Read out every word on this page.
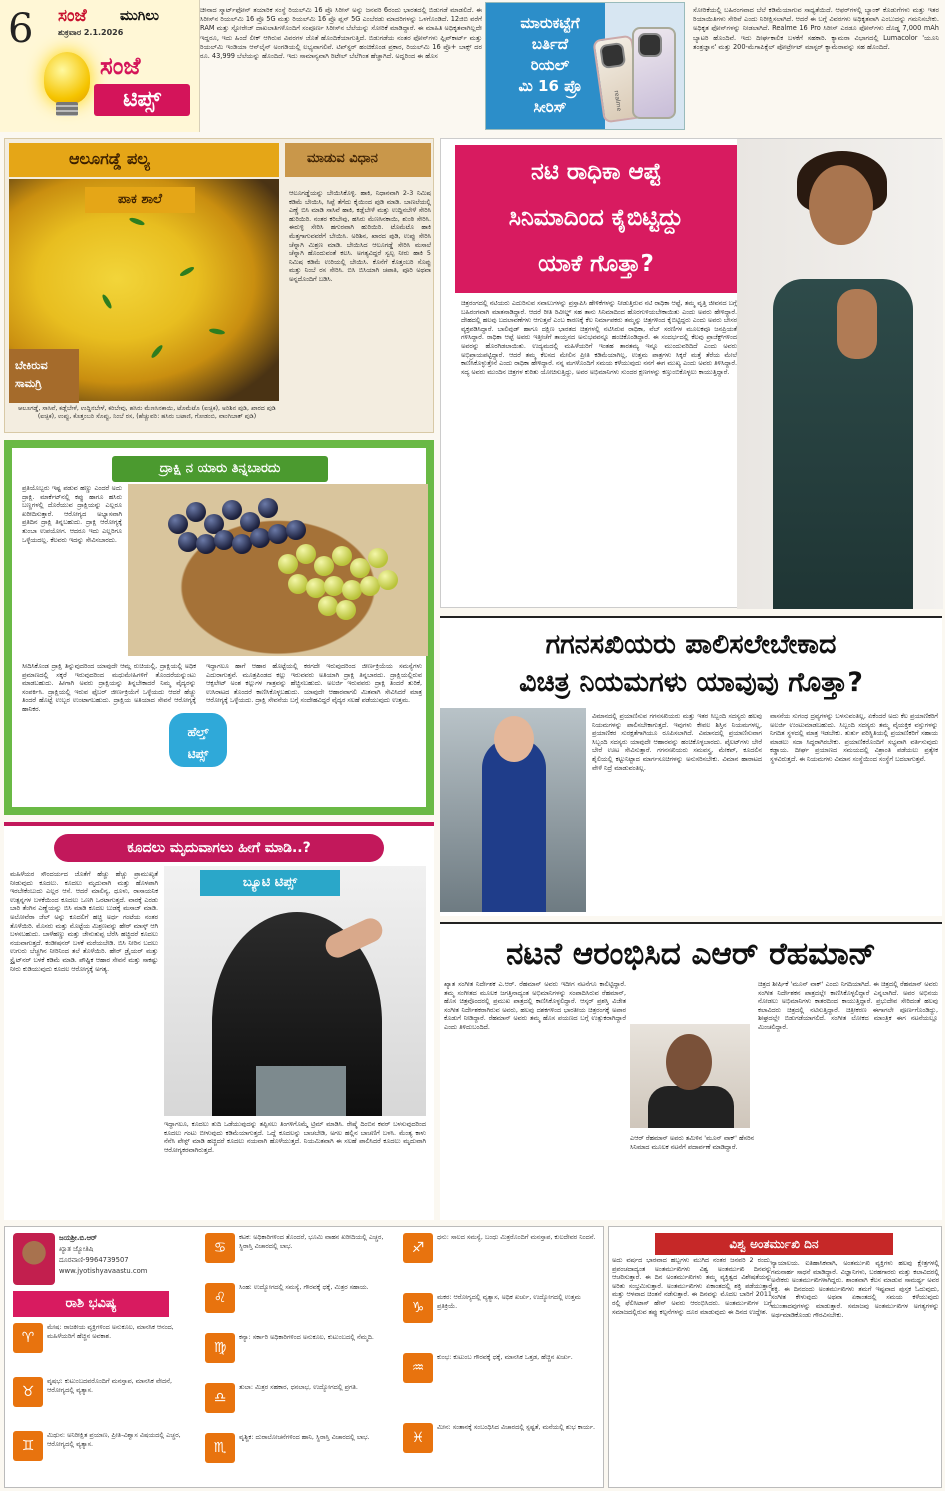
6 ಸಂಜೆ ಮುಗಿಲು
ಶುಕ್ರವಾರ 2.1.2026
ಸಂಜೆ
ಟಿಪ್ಸ್
ಚೀನಾದ ಸ್ಮಾರ್ಟ್‌ಫೋನ್ ತಯಾರಿಕ ಸಂಸ್ಥೆ ರಿಯಲ್‌ಮಿ 16 ಪ್ರೊ ಸಿರೀಸ್ ಅನ್ನು ಜನವರಿ 6ರಂದು ಭಾರತದಲ್ಲಿ ಬಿಡುಗಡೆ ಮಾಡಲಿದೆ. ಈ ಸಿರೀಸ್‌ನ ರಿಯಲ್‌ಮಿ 16 ಪ್ರೊ 5G ಮತ್ತು ರಿಯಲ್‌ಮಿ 16 ಪ್ರೊ ಪ್ಲಸ್ 5G ಎಂಬೆರಡು ಮಾದರಿಗಳನ್ನು ಒಳಗೊಂಡಿದೆ. 12ಜಿಬಿ ವರೆಗೆ RAM ಮತ್ತು ಸ್ಟೋರೇಜ್ ದಾಖಲಾತಿಗಳೊಂದಿಗೆ ಸಂಪೂರ್ಣ ಸಿರೀಸ್‌ನ ಬೆಲೆಯನ್ನು ಸೋರಿಕೆ ಮಾಡಿದ್ದಾರೆ. ಈ ಮಾಹಿತಿ ಅಧಿಕೃತವಾಗಿಲ್ಲದೇ ಇದ್ದರೂ, ಇದು ಹಿಂದೆ ಲೀಕ್ ಆಗಿರುವ ವಿವರಗಳ ಜೊತೆ ಹೊಂದಿಕೆಯಾಗುತ್ತಿದೆ. ಬಿಡುಗಡೆಯ ನಂತರ ಫೋನ್‌ಗಳು ಫ್ಲಿಪ್‌ಕಾರ್ಟ್ ಮತ್ತು ರಿಯಲ್‌ಮಿ ಇಂಡಿಯಾ ಆನ್‌ಲೈನ್ ಅಂಗಡಿಯಲ್ಲಿ ಲಭ್ಯವಾಗಲಿವೆ. ಟಿಪ್‌ಸ್ಟರ್ ಹಂಚಿಕೊಂಡ ಪ್ರಕಾರ, ರಿಯಲ್‌ಮಿ 16 ಪ್ರೊ+ ಬಾಕ್ಸ್ ದರ ರೂ. 43,999 ಬೆಲೆಯನ್ನು ಹೊಂದಿದೆ. ಇದು ಸಾಮಾನ್ಯವಾಗಿ ರಿಟೇಲ್ ಬೆಲೆಗಿಂತ ಹೆಚ್ಚಾಗಿದೆ. ಅದ್ದರಿಂದ ಈ ಹೊಸ
ಮಾರುಕಟ್ಟೆಗೆ
ಬರ್ತಿದೆ
ರಿಯಲ್
ಮಿ 16 ಪ್ರೊ
ಸೀರಿಸ್	realme
ಸೋರಿಕೆಯಲ್ಲಿ ಬಹಿರಂಗವಾದ ಬೆಲೆ ಕಡಿಮೆಯಾಗುವ ಸಾಧ್ಯತೆಯಿದೆ. ಆಫರ್‌ಗಳಲ್ಲಿ ಬ್ಯಾಂಕ್ ಕೊಡುಗೆಗಳು ಮತ್ತು ಇತರ ರಿಯಾಯಿತಿಗಳು ಸೇರಿವೆ ಎಂದು ನಿರೀಕ್ಷಿಸಲಾಗಿದೆ. ಆದರೆ ಈ ಬಗ್ಗೆ ವಿವರಗಳು ಅಧಿಕೃತವಾಗಿ ಎಂಬುದನ್ನು ಗಮನಿಸಬೇಕು. ಅಧಿಕೃತ ಫೋನ್‌ಗಳನ್ನು ನೀಡಲಾಗಿದೆ. Realme 16 Pro ಸಿರೀಸ್ ಎರಡೂ ಫೋನ್‌ಗಳು ದೊಡ್ಡ 7,000 mAh ಬ್ಯಾಟರಿ ಹೊಂದಿವೆ. ಇದು ದೀರ್ಘಕಾಲಿಕ ಬಳಕೆಗೆ ಸಹಕಾರಿ. ಕ್ಯಾಮರಾ ವಿಭಾಗದಲ್ಲಿ Lumacolor 'ಯೂನಿ ತಂತ್ರಜ್ಞಾನ' ಮತ್ತು 200-ಮೆಗಾಪಿಕ್ಸೆಲ್ ಪೋರ್ಟ್ರೇಟ್ ಮಾಸ್ಟರ್ ಕ್ಯಾಮೆರಾವನ್ನು ಸಹ ಹೊಂದಿದೆ.
ಆಲೂಗಡ್ಡೆ ಪಲ್ಯ	ಮಾಡುವ ವಿಧಾನ
ಪಾಕ ಶಾಲೆ
ಬೇಕಿರುವ ಸಾಮಗ್ರಿ
ಆಲೂಗಡ್ಡೆಯನ್ನು ಬೇಯಿಸಿಕೊಳ್ಳಿ. ಹಾಕಿ, ನಿಧಾನವಾಗಿ 2-3 ನಿಮಿಷ ಕಡಿಮೆ ಬೇಯಿಸಿ, ಸಿಪ್ಪೆ ತೆಗೆದು ಕೈಯಿಂದ ಪುಡಿ ಮಾಡಿ. ಬಾಣಲೆಯಲ್ಲಿ ಎಣ್ಣೆ ಬಿಸಿ ಮಾಡಿ ಸಾಸಿವೆ ಹಾಕಿ, ಕಡ್ಲೆಬೇಳೆ ಮತ್ತು ಉದ್ದಿನಬೇಳೆ ಸೇರಿಸಿ ಹುರಿಯಿರಿ. ನಂತರ ಕರಿಬೇವು, ಹಸಿರು ಮೆಣಸಿನಕಾಯಿ, ಶುಂಠಿ ಸೇರಿಸಿ. ಈರುಳ್ಳಿ ಸೇರಿಸಿ ಹಗುರವಾಗಿ ಹುರಿಯಿರಿ. ಟೊಮೆಟೊ ಹಾಕಿ ಮೆತ್ತಗಾಗುವವರೆಗೆ ಬೇಯಿಸಿ. ಅರಿಶಿನ, ಖಾರದ ಪುಡಿ, ಉಪ್ಪು ಸೇರಿಸಿ ಚೆನ್ನಾಗಿ ಮಿಶ್ರಣ ಮಾಡಿ. ಬೇಯಿಸಿದ ಆಲೂಗಡ್ಡೆ ಸೇರಿಸಿ ಮಸಾಲೆ ಚೆನ್ನಾಗಿ ಹೊಂದುವಂತೆ ಕಲಸಿ. ಅಗತ್ಯವಿದ್ದರೆ ಸ್ವಲ್ಪ ನೀರು ಹಾಕಿ 5 ನಿಮಿಷ ಕಡಿಮೆ ಉರಿಯಲ್ಲಿ ಬೇಯಿಸಿ. ಕೊನೆಗೆ ಕೊತ್ತಂಬರಿ ಸೊಪ್ಪು ಮತ್ತು ನಿಂಬೆ ರಸ ಸೇರಿಸಿ. ಬಿಸಿ ಬಿಸಿಯಾಗಿ ಚಪಾತಿ, ಪೂರಿ ಅಥವಾ ಅನ್ನದೊಂದಿಗೆ ಬಡಿಸಿ.
ಆಲೂಗಡ್ಡೆ, ಸಾಸಿವೆ, ಕಡ್ಲೆಬೇಳೆ, ಉದ್ದಿನಬೇಳೆ, ಕರಿಬೇವು, ಹಸಿರು ಮೆಣಸಿನಕಾಯಿ, ಟೊಮೆಟೊ (ಐಚ್ಛಿಕ), ಅರಿಶಿನ ಪುಡಿ, ಖಾರದ ಪುಡಿ (ಐಚ್ಛಿಕ), ಉಪ್ಪು, ಕೊತ್ತಂಬರಿ ಸೊಪ್ಪು, ನಿಂಬೆ ರಸ, (ಹೆಚ್ಚುವರಿ: ಹಸಿರು ಬಟಾಣಿ, ಗೋಡಂಬಿ, ವಾಂಗಿಬಾತ್ ಪುಡಿ)
ದ್ರಾಕ್ಷಿ ನ ಯಾರು ತಿನ್ನಬಾರದು
ಪ್ರತಿಯೊಬ್ಬರು ಇಷ್ಟ ಪಡುವ ಹಣ್ಣು ಎಂದರೆ ಅದು ದ್ರಾಕ್ಷಿ. ಮಾರ್ಕೆಟ್‌ನಲ್ಲಿ ಕಪ್ಪು ಹಾಗೂ ಹಸಿರು ಬಣ್ಣಗಳಲ್ಲಿ ದೊರೆಯುವ ದ್ರಾಕ್ಷಿಯನ್ನು ಎಲ್ಲರೂ ಖರೀದಿಸುತ್ತಾರೆ. ಆರೋಗ್ಯದ ಅಭ್ಯಾಸವಾಗಿ ಪ್ರತಿದಿನ ದ್ರಾಕ್ಷಿ ತಿನ್ನಬಹುದು. ದ್ರಾಕ್ಷಿ ಆರೋಗ್ಯಕ್ಕೆ ತುಂಬಾ ಉಪಯೋಗ. ಆದರೂ ಇದು ಎಲ್ಲರಿಗೂ ಒಳ್ಳೆಯದಲ್ಲ. ಕೆಲವರು ಇದನ್ನು ಸೇವಿಸಬಾರದು.
ಸೀದಿಸಿಕೊಂಡ ದ್ರಾಕ್ಷಿ ತಿನ್ನುವುದರಿಂದ ಯಾವುದೇ ಆಮ್ಲ ರುಚಿಯಲ್ಲಿ, ದ್ರಾಕ್ಷಿಯಲ್ಲಿ ಅಧಿಕ ಪ್ರಮಾಣದಲ್ಲಿ ಸಕ್ಕರೆ ಇರುವುದರಿಂದ ಮಧುಮೇಹಿಗಳಿಗೆ ತೊಂದರೆಯನ್ನುಂಟು ಮಾಡಬಹುದು. ಹೀಗಾಗಿ ಅವರು ದ್ರಾಕ್ಷಿಯನ್ನು ತಿನ್ನಬೇಕಾದರೆ ನಿಮ್ಮ ವೈದ್ಯರನ್ನು ಸಂಪರ್ಕಿಸಿ. ದ್ರಾಕ್ಷಿಯಲ್ಲಿ ಇರುವ ಫೈಬರ್ ಜೀರ್ಣಕ್ರಿಯೆಗೆ ಒಳ್ಳೆಯದು ಆದರೆ ಹೆಚ್ಚು ತಿಂದರೆ ಹೊಟ್ಟೆ ಉಬ್ಬರ ಉಂಟಾಗಬಹುದು. ದ್ರಾಕ್ಷಿಯ ಅತಿಯಾದ ಸೇವನೆ ಆರೋಗ್ಯಕ್ಕೆ ಹಾನಿಕರ.
ಇದ್ದಾಗಲೂ ಹಾಗೆ ಆಹಾರ ಹೊಟ್ಟೆಯಲ್ಲಿ ಕರಗದೇ ಇರುವುದರಿಂದ ಜೀರ್ಣಕ್ರಿಯೆಯ ಸಮಸ್ಯೆಗಳು ಎದುರಾಗುತ್ತವೆ. ಮೂತ್ರಪಿಂಡದ ಕಲ್ಲು ಇರುವವರು ಅತಿಯಾಗಿ ದ್ರಾಕ್ಷಿ ತಿನ್ನಬಾರದು. ದ್ರಾಕ್ಷಿಯಲ್ಲಿರುವ ಆಕ್ಸಲೇಟ್ ಅಂಶ ಕಲ್ಲುಗಳ ಗಾತ್ರವನ್ನು ಹೆಚ್ಚಿಸಬಹುದು. ಅಲರ್ಜಿ ಇರುವವರು ದ್ರಾಕ್ಷಿ ತಿಂದರೆ ತುರಿಕೆ, ಉಸಿರಾಟದ ತೊಂದರೆ ಕಾಣಿಸಿಕೊಳ್ಳಬಹುದು. ಯಾವುದೇ ಆಹಾರವಾಗಲಿ ಮಿತವಾಗಿ ಸೇವಿಸಿದರೆ ಮಾತ್ರ ಆರೋಗ್ಯಕ್ಕೆ ಒಳ್ಳೆಯದು. ದ್ರಾಕ್ಷಿ ಸೇವನೆಯ ಬಗ್ಗೆ ಸಂದೇಹವಿದ್ದರೆ ವೈದ್ಯರ ಸಲಹೆ ಪಡೆಯುವುದು ಉತ್ತಮ.
ಹೆಲ್ತ್
ಟಿಪ್ಸ್
ಕೂದಲು ಮೃದುವಾಗಲು ಹೀಗೆ ಮಾಡಿ..?
ಬ್ಯೂಟಿ ಟಿಪ್ಸ್
ಮಹಿಳೆಯರ ಸೌಂದರ್ಯದ ಜೊತೆಗೆ ಹೆಚ್ಚು ಹೆಚ್ಚು ಪ್ರಾಮುಖ್ಯತೆ ನೀಡುವುದು ಕೂದಲು. ಕೂದಲು ಮೃದುವಾಗಿ ಮತ್ತು ಹೊಳಪಾಗಿ ಇರಬೇಕೆಂಬುದು ಎಲ್ಲರ ಆಸೆ. ಆದರೆ ಮಾಲಿನ್ಯ, ಧೂಳು, ರಾಸಾಯನಿಕ ಉತ್ಪನ್ನಗಳ ಬಳಕೆಯಿಂದ ಕೂದಲು ಒಣಗಿ ಒರಟಾಗುತ್ತದೆ. ವಾರಕ್ಕೆ ಎರಡು ಬಾರಿ ತೆಂಗಿನ ಎಣ್ಣೆಯನ್ನು ಬಿಸಿ ಮಾಡಿ ಕೂದಲ ಬುಡಕ್ಕೆ ಮಸಾಜ್ ಮಾಡಿ. ಅಲೋವೆರಾ ಜೆಲ್ ಅನ್ನು ಕೂದಲಿಗೆ ಹಚ್ಚಿ ಅರ್ಧ ಗಂಟೆಯ ನಂತರ ತೊಳೆಯಿರಿ. ಮೊಸರು ಮತ್ತು ಮೊಟ್ಟೆಯ ಮಿಶ್ರಣವನ್ನು ಹೇರ್ ಮಾಸ್ಕ್ ಆಗಿ ಬಳಸಬಹುದು. ಬಾಳೆಹಣ್ಣು ಮತ್ತು ಜೇನುತುಪ್ಪ ಬೆರೆಸಿ ಹಚ್ಚಿದರೆ ಕೂದಲು ನಯವಾಗುತ್ತದೆ. ಕಂಡೀಷನರ್ ಬಳಕೆ ಮರೆಯಬೇಡಿ. ಬಿಸಿ ನೀರಿನ ಬದಲು ಉಗುರು ಬೆಚ್ಚಗಿನ ನೀರಿನಿಂದ ತಲೆ ತೊಳೆಯಿರಿ. ಹೇರ್ ಡ್ರೈಯರ್ ಮತ್ತು ಸ್ಟ್ರೈಟ್‌ನರ್ ಬಳಕೆ ಕಡಿಮೆ ಮಾಡಿ. ಪೌಷ್ಟಿಕ ಆಹಾರ ಸೇವನೆ ಮತ್ತು ಸಾಕಷ್ಟು ನೀರು ಕುಡಿಯುವುದು ಕೂದಲ ಆರೋಗ್ಯಕ್ಕೆ ಅಗತ್ಯ.
ಇದ್ದಾಗಲೂ, ಕೂದಲು ತುದಿ ಒಡೆಯುವುದನ್ನು ತಪ್ಪಿಸಲು ತಿಂಗಳಿಗೊಮ್ಮೆ ಟ್ರಿಮ್ ಮಾಡಿಸಿ. ರೇಷ್ಮೆ ದಿಂಬಿನ ಕವರ್ ಬಳಸುವುದರಿಂದ ಕೂದಲು ಗಂಟು ಬೀಳುವುದು ಕಡಿಮೆಯಾಗುತ್ತದೆ. ಒದ್ದೆ ಕೂದಲನ್ನು ಬಾಚಬೇಡಿ, ಅಗಲ ಹಲ್ಲಿನ ಬಾಚಣಿಗೆ ಬಳಸಿ. ಮೆಂತ್ಯ ಕಾಳು ನೆನೆಸಿ ಪೇಸ್ಟ್ ಮಾಡಿ ಹಚ್ಚಿದರೆ ಕೂದಲು ನಯವಾಗಿ ಹೊಳೆಯುತ್ತದೆ. ನಿಯಮಿತವಾಗಿ ಈ ಸಲಹೆ ಪಾಲಿಸಿದರೆ ಕೂದಲು ಮೃದುವಾಗಿ ಆರೋಗ್ಯಕರವಾಗಿರುತ್ತದೆ.
ನಟಿ ರಾಧಿಕಾ ಆಪ್ಟೆ
ಸಿನಿಮಾದಿಂದ ಕೈಬಿಟ್ಟಿದ್ದು
ಯಾಕೆ ಗೊತ್ತಾ?
ಚಿತ್ರರಂಗದಲ್ಲಿ ನಟಿಯರು ಎದುರಿಸುವ ಸವಾಲುಗಳನ್ನು ಪ್ರಸ್ತಾಪಿಸಿ ಹೇಳಿಕೆಗಳನ್ನು ನೀಡುತ್ತಿರುವ ನಟಿ ರಾಧಿಕಾ ಆಪ್ಟೆ, ತಮ್ಮ ವೃತ್ತಿ ಜೀವನದ ಬಗ್ಗೆ ಬಹಿರಂಗವಾಗಿ ಮಾತನಾಡಿದ್ದಾರೆ. ಆದರೆ ರೀತಿ ರಿವೀಲ್ಡ್ ಸಹ ತಾನು ಸಿನಿಮಾದಿಂದ ಹೊರಗುಳಿಯಬೇಕಾಯಿತು ಎಂದು ಅವರು ಹೇಳಿದ್ದಾರೆ. ದೇಹದಲ್ಲಿ ಹಲವು ಬದಲಾವಣೆಗಳು ಆಗುತ್ತವೆ ಎಂಬ ಕಾರಣಕ್ಕೆ ಕೆಲ ನಿರ್ಮಾಪಕರು ತಮ್ಮನ್ನು ಚಿತ್ರಗಳಿಂದ ಕೈಬಿಟ್ಟಿದ್ದರು ಎಂದು ಅವರು ಬೇಸರ ವ್ಯಕ್ತಪಡಿಸಿದ್ದಾರೆ. ಬಾಲಿವುಡ್ ಹಾಗೂ ದಕ್ಷಿಣ ಭಾರತದ ಚಿತ್ರಗಳಲ್ಲಿ ನಟಿಸಿರುವ ರಾಧಿಕಾ, ವೆಬ್ ಸರಣಿಗಳ ಮೂಲಕವೂ ಜನಪ್ರಿಯತೆ ಗಳಿಸಿದ್ದಾರೆ. ರಾಧಿಕಾ ಆಪ್ಟೆ ಅವರು ಇತ್ತೀಚೆಗೆ ತಾಯ್ತನದ ಅನುಭವವನ್ನೂ ಹಂಚಿಕೊಂಡಿದ್ದಾರೆ. ಈ ಸಂದರ್ಭದಲ್ಲಿ ಕೆಲವು ಪ್ರಾಜೆಕ್ಟ್‌ಗಳಿಂದ ಅವರನ್ನು ಹೊರಗಿಡಲಾಯಿತು. ಉದ್ಯಮದಲ್ಲಿ ಮಹಿಳೆಯರಿಗೆ ಇಂತಹ ತಾರತಮ್ಯ ಇನ್ನೂ ಮುಂದುವರಿದಿದೆ ಎಂದು ಅವರು ಅಭಿಪ್ರಾಯಪಟ್ಟಿದ್ದಾರೆ. ಆದರೆ ತಮ್ಮ ಕೆಲಸದ ಮೇಲಿನ ಪ್ರೀತಿ ಕಡಿಮೆಯಾಗಿಲ್ಲ, ಉತ್ತಮ ಪಾತ್ರಗಳು ಸಿಕ್ಕರೆ ಮತ್ತೆ ತೆರೆಯ ಮೇಲೆ ಕಾಣಿಸಿಕೊಳ್ಳುತ್ತೇನೆ ಎಂದು ರಾಧಿಕಾ ಹೇಳಿದ್ದಾರೆ. ನನ್ನ ಮಗಳೊಂದಿಗೆ ಸಮಯ ಕಳೆಯುವುದು ನನಗೆ ಈಗ ಮುಖ್ಯ ಎಂದು ಅವರು ತಿಳಿಸಿದ್ದಾರೆ. ಸದ್ಯ ಅವರು ಮುಂದಿನ ಚಿತ್ರಗಳ ಕುರಿತು ಯೋಚಿಸುತ್ತಿದ್ದು, ಅವರ ಅಭಿಮಾನಿಗಳು ಸುಂದರ ಕ್ಷಣಗಳನ್ನು ಕಣ್ತುಂಬಿಕೊಳ್ಳಲು ಕಾಯುತ್ತಿದ್ದಾರೆ.
ಗಗನಸಖಿಯರು ಪಾಲಿಸಲೇಬೇಕಾದ
ವಿಚಿತ್ರ ನಿಯಮಗಳು ಯಾವುವು ಗೊತ್ತಾ?
ವಿಮಾನದಲ್ಲಿ ಪ್ರಯಾಣಿಸುವ ಗಗನಸಖಿಯರು ಮತ್ತು ಇತರ ಸಿಬ್ಬಂದಿ ಸದಸ್ಯರು ಹಲವು ನಿಯಮಗಳನ್ನು ಪಾಲಿಸಬೇಕಾಗುತ್ತದೆ. ಇವುಗಳು ಕೇವಲ ಶಿಸ್ತಿನ ನಿಯಮಗಳಲ್ಲ, ಪ್ರಯಾಣಿಕರ ಸುರಕ್ಷತೆಗಾಗಿಯೂ ರೂಪಿಸಲಾಗಿದೆ. ವಿಮಾನದಲ್ಲಿ ಪ್ರಯಾಣಿಸುವಾಗ ಸಿಬ್ಬಂದಿ ಸದಸ್ಯರು ಯಾವುದೇ ಆಹಾರವನ್ನು ಹಂಚಿಕೊಳ್ಳಬಾರದು. ಪೈಲಟ್‌ಗಳು ಬೇರೆ ಬೇರೆ ಊಟ ಸೇವಿಸುತ್ತಾರೆ. ಗಗನಸಖಿಯರು ಸಮವಸ್ತ್ರ, ಮೇಕಪ್, ಕೂದಲಿನ ಶೈಲಿಯಲ್ಲಿ ಕಟ್ಟುನಿಟ್ಟಾದ ಮಾರ್ಗಸೂಚಿಗಳನ್ನು ಅನುಸರಿಸಬೇಕು. ವಿಮಾನ ಹಾರಾಟದ ವೇಳೆ ನಿದ್ರೆ ಮಾಡುವಂತಿಲ್ಲ.
ವಾಸನೆಯ ಸುಗಂಧ ದ್ರವ್ಯಗಳನ್ನು ಬಳಸುವಂತಿಲ್ಲ, ಏಕೆಂದರೆ ಅದು ಕೆಲ ಪ್ರಯಾಣಿಕರಿಗೆ ಅಲರ್ಜಿ ಉಂಟುಮಾಡಬಹುದು. ಸಿಬ್ಬಂದಿ ಸದಸ್ಯರು ತಮ್ಮ ವೈಯಕ್ತಿಕ ವಸ್ತುಗಳನ್ನು ನಿಗದಿತ ಸ್ಥಳದಲ್ಲಿ ಮಾತ್ರ ಇಡಬೇಕು. ತುರ್ತು ಪರಿಸ್ಥಿತಿಯಲ್ಲಿ ಪ್ರಯಾಣಿಕರಿಗೆ ಸಹಾಯ ಮಾಡಲು ಸದಾ ಸಿದ್ಧರಾಗಿರಬೇಕು. ಪ್ರಯಾಣಿಕರೊಂದಿಗೆ ಸಭ್ಯವಾಗಿ ವರ್ತಿಸುವುದು ಕಡ್ಡಾಯ. ದೀರ್ಘ ಪ್ರಯಾಣದ ಸಮಯದಲ್ಲಿ ವಿಶ್ರಾಂತಿ ಪಡೆಯಲು ಪ್ರತ್ಯೇಕ ಸ್ಥಳವಿರುತ್ತದೆ. ಈ ನಿಯಮಗಳು ವಿಮಾನ ಸಂಸ್ಥೆಯಿಂದ ಸಂಸ್ಥೆಗೆ ಬದಲಾಗುತ್ತವೆ.
ನಟನೆ ಆರಂಭಿಸಿದ ಎಆರ್ ರೆಹಮಾನ್
ಖ್ಯಾತ ಸಂಗೀತ ನಿರ್ದೇಶಕ ಎ.ಆರ್. ರೆಹಮಾನ್ ಅವರು ಇದೀಗ ನಟನೆಗೂ ಕಾಲಿಟ್ಟಿದ್ದಾರೆ. ತಮ್ಮ ಸಂಗೀತದ ಮೂಲಕ ಜಗತ್ತಿನಾದ್ಯಂತ ಅಭಿಮಾನಿಗಳನ್ನು ಸಂಪಾದಿಸಿರುವ ರೆಹಮಾನ್, ಹೊಸ ಚಿತ್ರವೊಂದರಲ್ಲಿ ಪ್ರಮುಖ ಪಾತ್ರದಲ್ಲಿ ಕಾಣಿಸಿಕೊಳ್ಳಲಿದ್ದಾರೆ. ಆಸ್ಕರ್ ಪ್ರಶಸ್ತಿ ವಿಜೇತ ಸಂಗೀತ ನಿರ್ದೇಶಕರಾಗಿರುವ ಅವರು, ಹಲವು ದಶಕಗಳಿಂದ ಭಾರತೀಯ ಚಿತ್ರರಂಗಕ್ಕೆ ಅಪಾರ ಕೊಡುಗೆ ನೀಡಿದ್ದಾರೆ. ರೆಹಮಾನ್ ಅವರು ತಮ್ಮ ಹೊಸ ಪಯಣದ ಬಗ್ಗೆ ಉತ್ಸುಕರಾಗಿದ್ದಾರೆ ಎಂದು ತಿಳಿದುಬಂದಿದೆ.
ಎಆರ್ ರೆಹಮಾನ್ ಅವರು ತಮಿಳಿನ 'ಮೂನ್ ವಾಕ್' ಹೆಸರಿನ ಸಿನಿಮಾದ ಮೂಲಕ ನಟನೆಗೆ ಪದಾರ್ಪಣೆ ಮಾಡಿದ್ದಾರೆ.
ಚಿತ್ರದ ಶೀರ್ಷಿಕೆ 'ಮೂನ್ ವಾಕ್' ಎಂದು ನಿಗದಿಯಾಗಿದೆ. ಈ ಚಿತ್ರದಲ್ಲಿ ರೆಹಮಾನ್ ಅವರು ಸಂಗೀತ ನಿರ್ದೇಶಕನ ಪಾತ್ರದಲ್ಲೇ ಕಾಣಿಸಿಕೊಳ್ಳಲಿದ್ದಾರೆ ಎನ್ನಲಾಗಿದೆ. ಅವರ ಅಭಿನಯ ನೋಡಲು ಅಭಿಮಾನಿಗಳು ಕಾತರದಿಂದ ಕಾಯುತ್ತಿದ್ದಾರೆ. ಪ್ರಭುದೇವ ಸೇರಿದಂತೆ ಹಲವು ಕಲಾವಿದರು ಚಿತ್ರದಲ್ಲಿ ನಟಿಸುತ್ತಿದ್ದಾರೆ. ಚಿತ್ರೀಕರಣ ಈಗಾಗಲೇ ಪೂರ್ಣಗೊಂಡಿದ್ದು, ಶೀಘ್ರದಲ್ಲೇ ಬಿಡುಗಡೆಯಾಗಲಿದೆ. ಸಂಗೀತ ಲೋಕದ ಮಾಂತ್ರಿಕ ಈಗ ನಟನೆಯಲ್ಲೂ ಮಿಂಚಲಿದ್ದಾರೆ.
ಜಯಶ್ರೀ.ಬಿ.ಆರ್
ಖ್ಯಾತ ಜ್ಯೋತಿಷಿ
ದೂರವಾಣಿ-9964739507
www.jyotishyavaastu.com
ರಾಶಿ ಭವಿಷ್ಯ
♈
ಮೇಷ: ರಾಜಕೀಯ ವ್ಯಕ್ತಿಗಳಿಂದ ಅನುಕೂಲ, ಮಾನಸಿಕ ಆನಂದ, ಮಹಿಳೆಯರಿಗೆ ಹೆಚ್ಚಿನ ಅವಕಾಶ.
♉
ವೃಷಭ: ಕುಟುಂಬದವರೊಂದಿಗೆ ಮನಸ್ತಾಪ, ಮಾನಸಿಕ ವೇದನೆ, ಆರೋಗ್ಯದಲ್ಲಿ ವ್ಯತ್ಯಾಸ.
♊
ಮಿಥುನ: ಅನಿರೀಕ್ಷಿತ ಪ್ರಯಾಣ, ಪ್ರೀತಿ-ವಿಶ್ವಾಸ ವಿಷಯದಲ್ಲಿ ಎಚ್ಚರ, ಆರೋಗ್ಯದಲ್ಲಿ ವ್ಯತ್ಯಾಸ.
♋
ಕಟಕ: ಅಧಿಕಾರಿಗಳಿಂದ ತೊಂದರೆ, ಭೂಮಿ ವಾಹನ ಖರೀದಿಯಲ್ಲಿ ಎಚ್ಚರ, ಸ್ಥಿರಾಸ್ತಿ ವಿಚಾರದಲ್ಲಿ ಲಾಭ.
♌
ಸಿಂಹ: ಉದ್ಯೋಗದಲ್ಲಿ ಸಮಸ್ಯೆ, ಗೌರವಕ್ಕೆ ಧಕ್ಕೆ, ಮಿತ್ರರ ಸಹಾಯ.
♍
ಕನ್ಯಾ: ಸರ್ಕಾರಿ ಅಧಿಕಾರಿಗಳಿಂದ ಅನುಕೂಲ, ಕುಟುಂಬದಲ್ಲಿ ನೆಮ್ಮದಿ.
♎
ತುಲಾ: ಮಿತ್ರರ ಸಹಕಾರ, ಧನಲಾಭ, ಉದ್ಯೋಗದಲ್ಲಿ ಪ್ರಗತಿ.
♏
ವೃಶ್ಚಿಕ: ದುರಾಲೋಚನೆಗಳಿಂದ ಹಾನಿ, ಸ್ಥಿರಾಸ್ತಿ ವಿಚಾರದಲ್ಲಿ ಲಾಭ.
♐
ಧನು: ಸಾಲದ ಸಮಸ್ಯೆ, ಬಂಧು ಮಿತ್ರರೊಂದಿಗೆ ಮನಸ್ತಾಪ, ಕುಲದೇವರ ನಿಂದನೆ.
♑
ಮಕರ: ಆರೋಗ್ಯದಲ್ಲಿ ವ್ಯತ್ಯಾಸ, ಅಧಿಕ ಖರ್ಚು, ಉದ್ಯೋಗದಲ್ಲಿ ಉತ್ತಮ ಪ್ರತಿಕ್ರಿಯೆ.
♒
ಕುಂಭ: ಕುಟುಂಬ ಗೌರವಕ್ಕೆ ಧಕ್ಕೆ, ಮಾನಸಿಕ ಒತ್ತಡ, ಹೆಚ್ಚಿನ ಖರ್ಚು.
♓
ಮೀನ: ಸಂತಾನಕ್ಕೆ ಸಂಬಂಧಿಸಿದ ವಿಚಾರದಲ್ಲಿ ಸ್ಪಷ್ಟತೆ, ಮನೆಯಲ್ಲಿ ಶುಭ ಕಾರ್ಯ.
ವಿಶ್ವ ಅಂತರ್ಮುಖಿ ದಿನ
ನ್ಯಾಯಾಲಯ. ಐತಿಹಾಸಿಕವಾಗಿ, ಅಂತರ್ಮುಖಿ ವ್ಯಕ್ತಿಗಳು ಹಲವು ಕ್ಷೇತ್ರಗಳಲ್ಲಿ ಗಮನಾರ್ಹ ಸಾಧನೆ ಮಾಡಿದ್ದಾರೆ. ವಿಜ್ಞಾನಿಗಳು, ಬರಹಗಾರರು ಮತ್ತು ಕಲಾವಿದರಲ್ಲಿ ಅನೇಕರು ಅಂತರ್ಮುಖಿಗಳಾಗಿದ್ದರು. ಶಾಂತವಾಗಿ ಕೆಲಸ ಮಾಡುವ ಸಾಮರ್ಥ್ಯ ಅವರ ಶಕ್ತಿ. ಈ ದಿನದಂದು ಅಂತರ್ಮುಖಿಗಳು ತಮಗೆ ಇಷ್ಟವಾದ ಪುಸ್ತಕ ಓದುವುದು, ಸಂಗೀತ ಕೇಳುವುದು ಅಥವಾ ಏಕಾಂತದಲ್ಲಿ ಸಮಯ ಕಳೆಯುವುದು ಮುಂತಾದವುಗಳನ್ನು ಮಾಡುತ್ತಾರೆ. ಸಮಾಜವು ಅಂತರ್ಮುಖಿಗಳ ಅಗತ್ಯಗಳನ್ನು ಅರ್ಥಮಾಡಿಕೊಂಡು ಗೌರವಿಸಬೇಕು.
ಅದು ವರ್ಷದ ಭಾರವಾದ ಹಬ್ಬಗಳು ಮುಗಿದ ನಂತರ ಜನವರಿ 2 ರಂದು, ಪ್ರಪಂಚದಾದ್ಯಂತ ಅಂತರ್ಮುಖಿಗಳು ವಿಶ್ವ ಅಂತರ್ಮುಖಿ ದಿನವನ್ನು ಆಚರಿಸುತ್ತಾರೆ. ಈ ದಿನ ಅಂತರ್ಮುಖಿಗಳು ತಮ್ಮ ವ್ಯಕ್ತಿತ್ವದ ವಿಶೇಷತೆಯನ್ನು ಅರಿತು ಸಂಭ್ರಮಿಸುತ್ತಾರೆ. ಅಂತರ್ಮುಖಿಗಳು ಏಕಾಂತದಲ್ಲಿ ಶಕ್ತಿ ಪಡೆಯುತ್ತಾರೆ ಮತ್ತು ಆಳವಾದ ಚಿಂತನೆ ನಡೆಸುತ್ತಾರೆ. ಈ ದಿನವನ್ನು ಮೊದಲ ಬಾರಿಗೆ 2011 ರಲ್ಲಿ ಫೆಲಿಸಿಟಾಸ್ ಹೇನ್ ಅವರು ಆರಂಭಿಸಿದರು. ಅಂತರ್ಮುಖಿಗಳ ಬಗ್ಗೆ ಸಮಾಜದಲ್ಲಿರುವ ತಪ್ಪು ಕಲ್ಪನೆಗಳನ್ನು ದೂರ ಮಾಡುವುದು ಈ ದಿನದ ಉದ್ದೇಶ.
